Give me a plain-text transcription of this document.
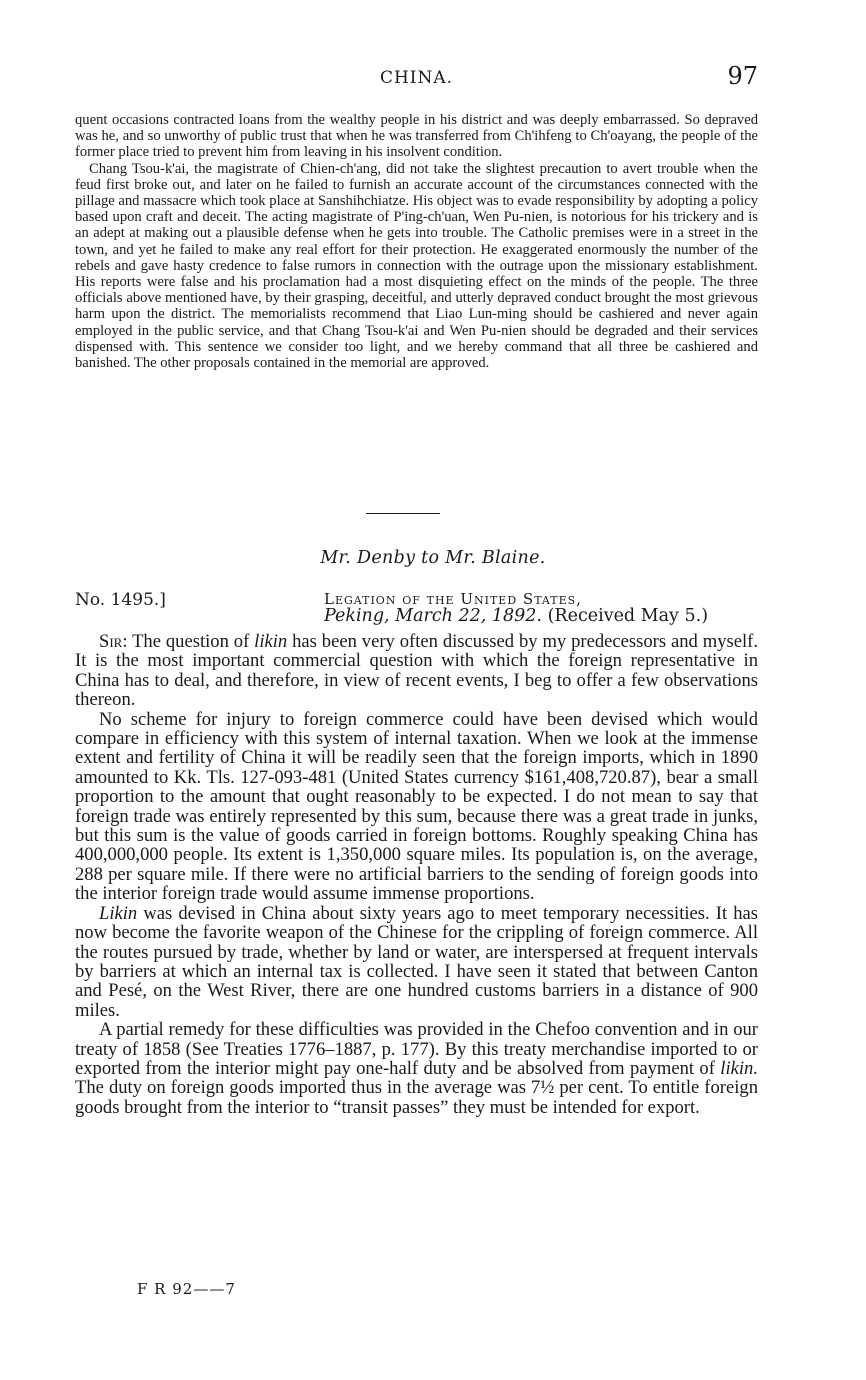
CHINA.	97

quent occasions contracted loans from the wealthy people in his district and was deeply embarrassed. So depraved was he, and so unworthy of public trust that when he was transferred from Ch'ihfeng to Ch'oayang, the people of the former place tried to prevent him from leaving in his insolvent condition.

Chang Tsou-k'ai, the magistrate of Chien-ch'ang, did not take the slightest precaution to avert trouble when the feud first broke out, and later on he failed to furnish an accurate account of the circumstances connected with the pillage and massacre which took place at Sanshihchiatze. His object was to evade responsibility by adopting a policy based upon craft and deceit. The acting magistrate of P'ing-ch'uan, Wen Pu-nien, is notorious for his trickery and is an adept at making out a plausible defense when he gets into trouble. The Catholic premises were in a street in the town, and yet he failed to make any real effort for their protection. He exaggerated enormously the number of the rebels and gave hasty credence to false rumors in connection with the outrage upon the missionary establishment. His reports were false and his proclamation had a most disquieting effect on the minds of the people. The three officials above mentioned have, by their grasping, deceitful, and utterly depraved conduct brought the most grievous harm upon the district. The memorialists recommend that Liao Lun-ming should be cashiered and never again employed in the public service, and that Chang Tsou-k'ai and Wen Pu-nien should be degraded and their services dispensed with. This sentence we consider too light, and we hereby command that all three be cashiered and banished. The other proposals contained in the memorial are approved.

Mr. Denby to Mr. Blaine.
No. 1495.]	Legation of the United States,
Peking, March 22, 1892. (Received May 5.)

Sir: The question of likin has been very often discussed by my predecessors and myself. It is the most important commercial question with which the foreign representative in China has to deal, and therefore, in view of recent events, I beg to offer a few observations thereon.

No scheme for injury to foreign commerce could have been devised which would compare in efficiency with this system of internal taxation. When we look at the immense extent and fertility of China it will be readily seen that the foreign imports, which in 1890 amounted to Kk. Tls. 127-093-481 (United States currency $161,408,720.87), bear a small proportion to the amount that ought reasonably to be expected. I do not mean to say that foreign trade was entirely represented by this sum, because there was a great trade in junks, but this sum is the value of goods carried in foreign bottoms. Roughly speaking China has 400,000,000 people. Its extent is 1,350,000 square miles. Its population is, on the average, 288 per square mile. If there were no artificial barriers to the sending of foreign goods into the interior foreign trade would assume immense proportions.

Likin was devised in China about sixty years ago to meet temporary necessities. It has now become the favorite weapon of the Chinese for the crippling of foreign commerce. All the routes pursued by trade, whether by land or water, are interspersed at frequent intervals by barriers at which an internal tax is collected. I have seen it stated that between Canton and Pesé, on the West River, there are one hundred customs barriers in a distance of 900 miles.

A partial remedy for these difficulties was provided in the Chefoo convention and in our treaty of 1858 (See Treaties 1776–1887, p. 177). By this treaty merchandise imported to or exported from the interior might pay one-half duty and be absolved from payment of likin. The duty on foreign goods imported thus in the average was 7½ per cent. To entitle foreign goods brought from the interior to “transit passes” they must be intended for export.

F R 92——7
